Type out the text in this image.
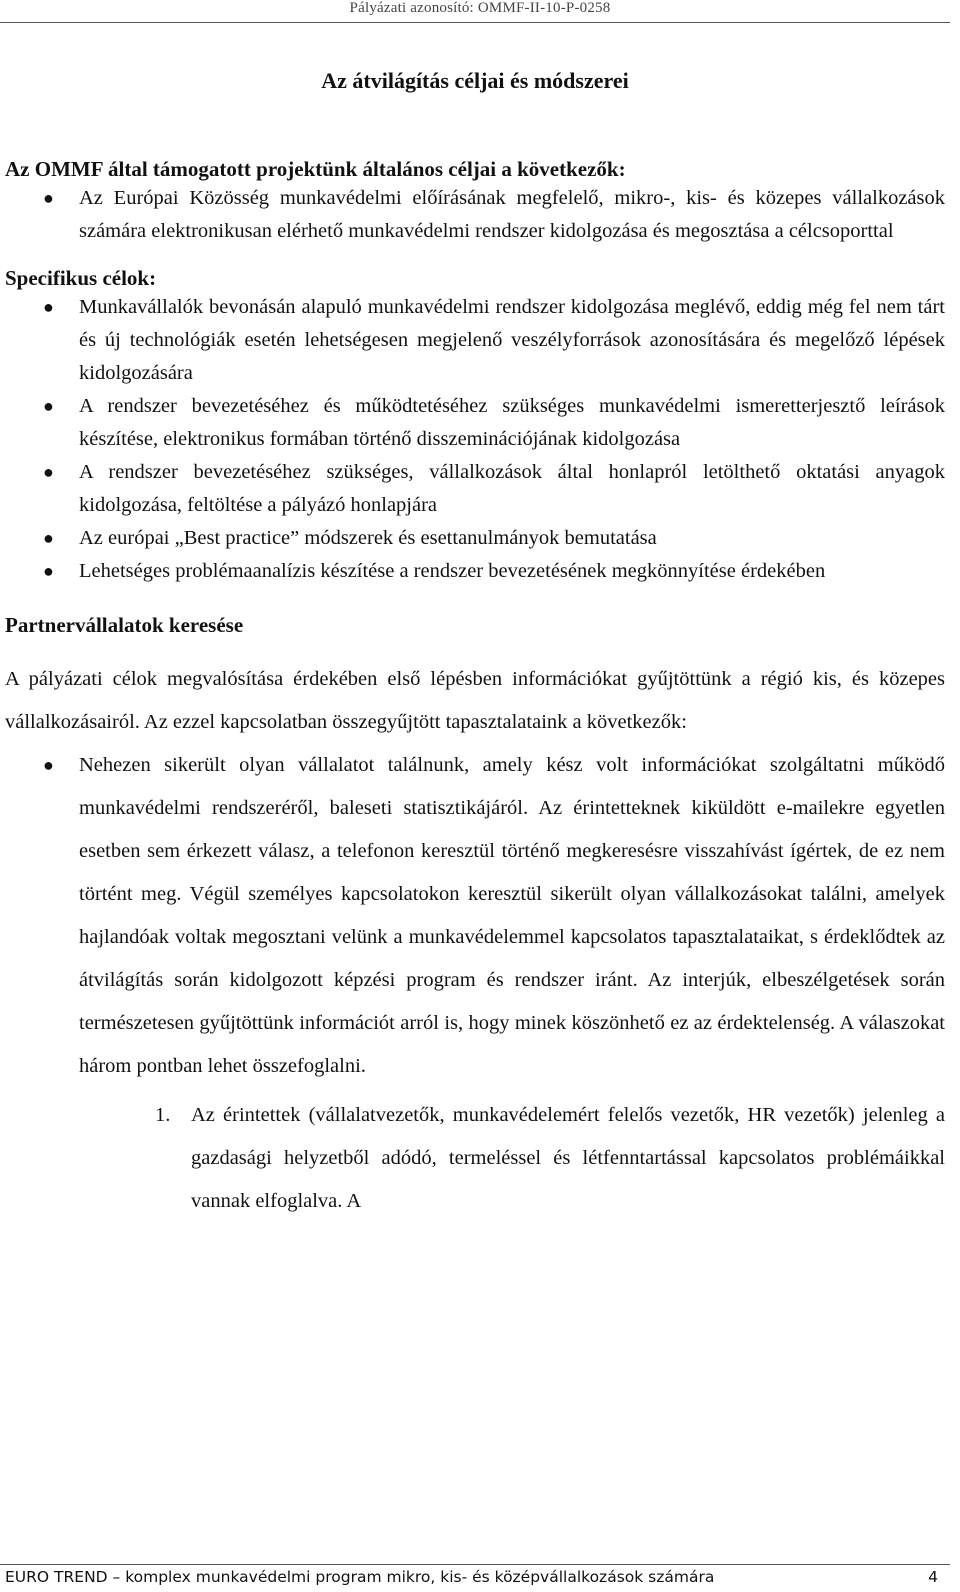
Pályázati azonosító: OMMF-II-10-P-0258
Az átvilágítás céljai és módszerei
Az OMMF által támogatott projektünk általános céljai a következők:
● Az Európai Közösség munkavédelmi előírásának megfelelő, mikro-, kis- és közepes vállalkozások számára elektronikusan elérhető munkavédelmi rendszer kidolgozása és megosztása a célcsoporttal
Specifikus célok:
● Munkavállalók bevonásán alapuló munkavédelmi rendszer kidolgozása meglévő, eddig még fel nem tárt és új technológiák esetén lehetségesen megjelenő veszélyforrások azonosítására és megelőző lépések kidolgozására
● A rendszer bevezetéséhez és működtetéséhez szükséges munkavédelmi ismeretterjesztő leírások készítése, elektronikus formában történő disszeminációjának kidolgozása
● A rendszer bevezetéséhez szükséges, vállalkozások által honlapról letölthető oktatási anyagok kidolgozása, feltöltése a pályázó honlapjára
● Az európai „Best practice” módszerek és esettanulmányok bemutatása
● Lehetséges problémaanalízis készítése a rendszer bevezetésének megkönnyítése érdekében
Partnervállalatok keresése

A pályázati célok megvalósítása érdekében első lépésben információkat gyűjtöttünk a régió kis, és közepes vállalkozásairól. Az ezzel kapcsolatban összegyűjtött tapasztalataink a következők:

● Nehezen sikerült olyan vállalatot találnunk, amely kész volt információkat szolgáltatni működő munkavédelmi rendszeréről, baleseti statisztikájáról. Az érintetteknek kiküldött e-mailekre egyetlen esetben sem érkezett válasz, a telefonon keresztül történő megkeresésre visszahívást ígértek, de ez nem történt meg. Végül személyes kapcsolatokon keresztül sikerült olyan vállalkozásokat találni, amelyek hajlandóak voltak megosztani velünk a munkavédelemmel kapcsolatos tapasztalataikat, s érdeklődtek az átvilágítás során kidolgozott képzési program és rendszer iránt. Az interjúk, elbeszélgetések során természetesen gyűjtöttünk információt arról is, hogy minek köszönhető ez az érdektelenség. A válaszokat három pontban lehet összefoglalni.
1. Az érintettek (vállalatvezetők, munkavédelemért felelős vezetők, HR vezetők) jelenleg a gazdasági helyzetből adódó, termeléssel és létfenntartással kapcsolatos problémáikkal vannak elfoglalva. A
EURO TREND – komplex munkavédelmi program mikro, kis- és középvállalkozások számára	4
